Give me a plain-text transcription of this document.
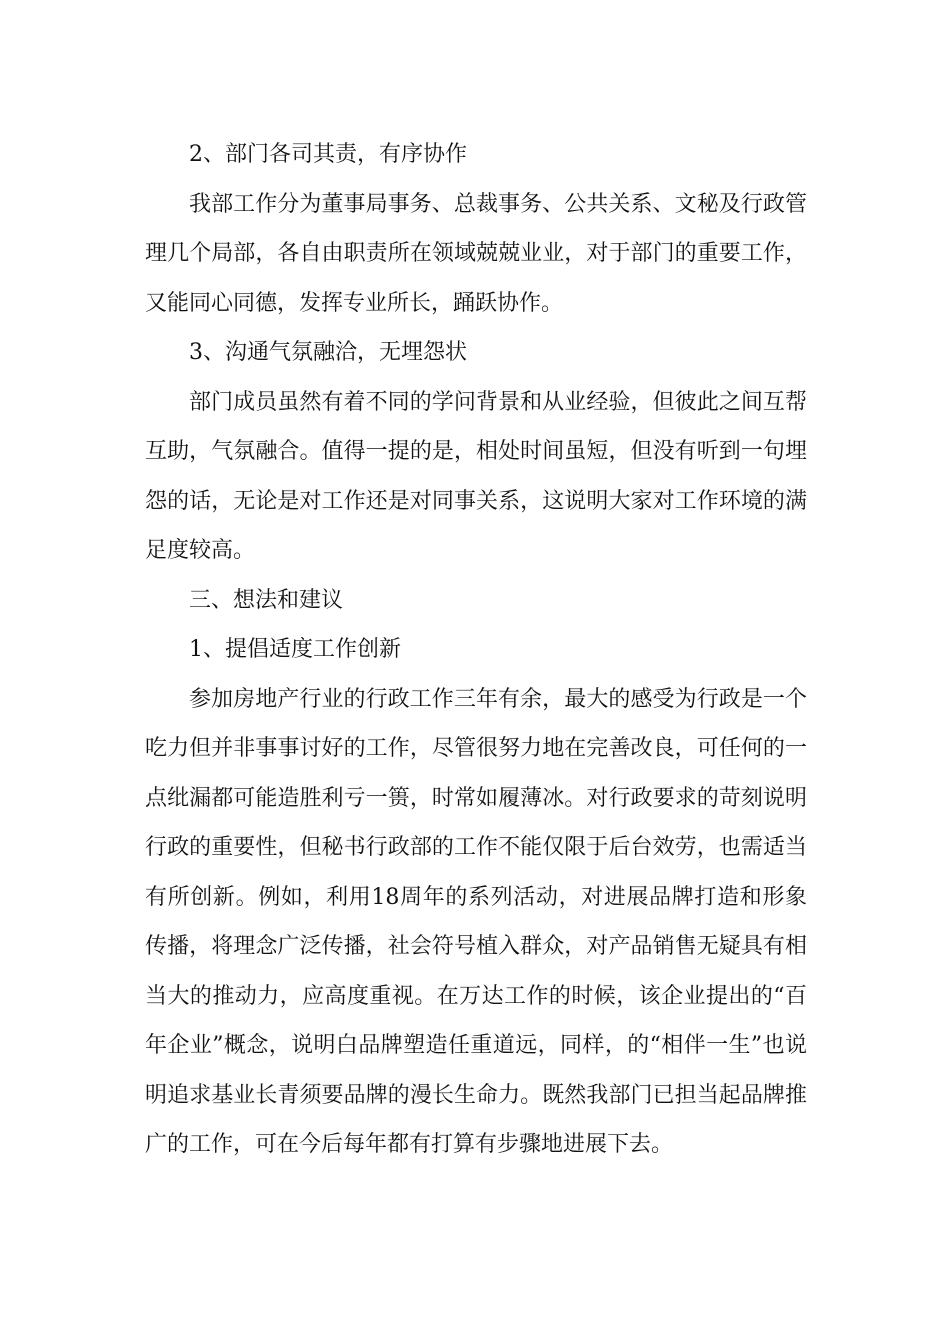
2、部门各司其责，有序协作

我部工作分为董事局事务、总裁事务、公共关系、文秘及行政管理几个局部，各自由职责所在领域兢兢业业，对于部门的重要工作，又能同心同德，发挥专业所长，踊跃协作。

3、沟通气氛融洽，无埋怨状

部门成员虽然有着不同的学问背景和从业经验，但彼此之间互帮互助，气氛融合。值得一提的是，相处时间虽短，但没有听到一句埋怨的话，无论是对工作还是对同事关系，这说明大家对工作环境的满足度较高。

三、想法和建议

1、提倡适度工作创新

参加房地产行业的行政工作三年有余，最大的感受为行政是一个吃力但并非事事讨好的工作，尽管很努力地在完善改良，可任何的一点纰漏都可能造胜利亏一篑，时常如履薄冰。对行政要求的苛刻说明行政的重要性，但秘书行政部的工作不能仅限于后台效劳，也需适当有所创新。例如，利用18周年的系列活动，对进展品牌打造和形象传播，将理念广泛传播，社会符号植入群众，对产品销售无疑具有相当大的推动力，应高度重视。在万达工作的时候，该企业提出的“百年企业”概念，说明白品牌塑造任重道远，同样，的“相伴一生”也说明追求基业长青须要品牌的漫长生命力。既然我部门已担当起品牌推广的工作，可在今后每年都有打算有步骤地进展下去。
